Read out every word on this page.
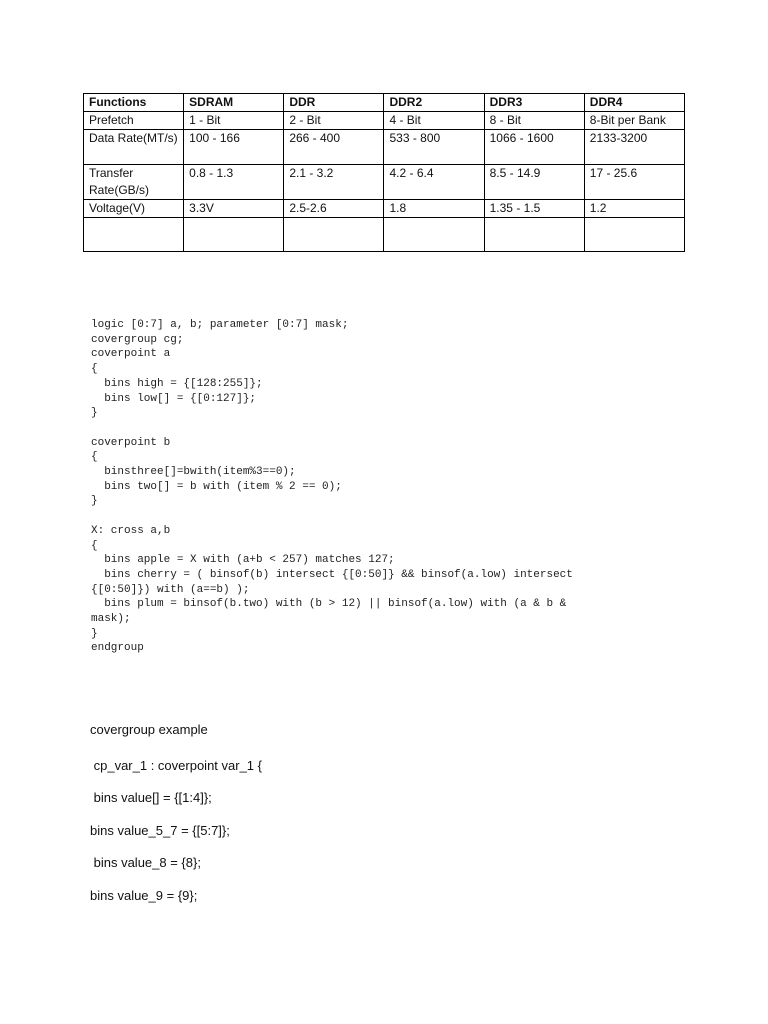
Functions	SDRAM	DDR	DDR2	DDR3	DDR4
Prefetch	1 - Bit	2 - Bit	4 - Bit	8 - Bit	8-Bit per Bank
Data Rate(MT/s)	100 - 166	266 - 400	533 - 800	1066 - 1600	2133-3200
Transfer Rate(GB/s)	0.8 - 1.3	2.1 - 3.2	4.2 - 6.4	8.5 - 14.9	17 - 25.6
Voltage(V)	3.3V	2.5-2.6	1.8	1.35 - 1.5	1.2

logic [0:7] a, b; parameter [0:7] mask;
covergroup cg;
coverpoint a
{
bins high = {[128:255]};
bins low[] = {[0:127]};
}

coverpoint b
{
binsthree[]=bwith(item%3==0);
bins two[] = b with (item % 2 == 0);
}

X: cross a,b
{
bins apple = X with (a+b < 257) matches 127;
bins cherry = ( binsof(b) intersect {[0:50]} && binsof(a.low) intersect
{[0:50]}) with (a==b) );
bins plum = binsof(b.two) with (b > 12) || binsof(a.low) with (a & b &
mask);
}
endgroup
covergroup example
cp_var_1 : coverpoint var_1 {
bins value[] = {[1:4]};
bins value_5_7 = {[5:7]};
bins value_8 = {8};
bins value_9 = {9};
